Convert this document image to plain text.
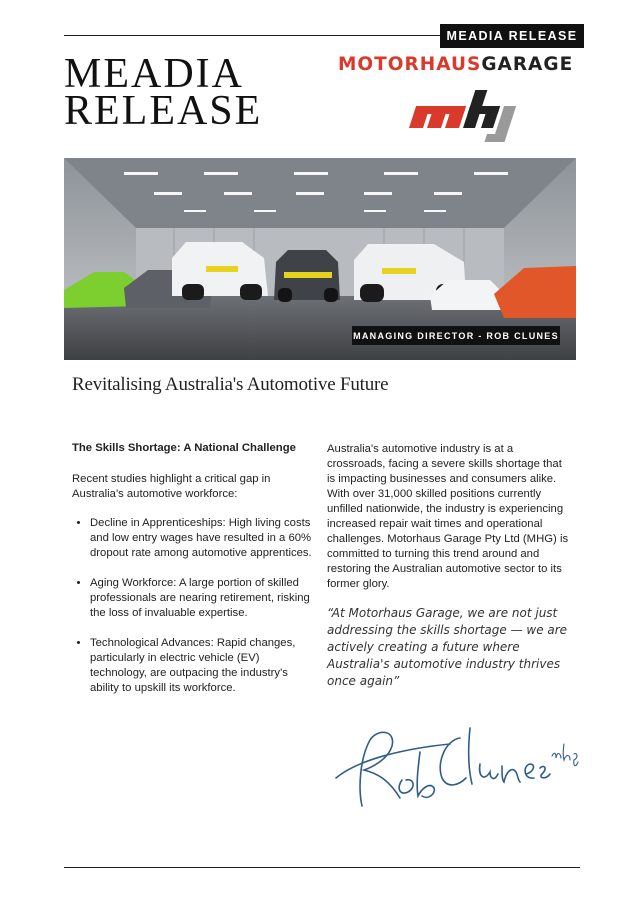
MEADIA RELEASE
MEADIA
RELEASE
MOTORHAUSGARAGE
MANAGING DIRECTOR - ROB CLUNES
Revitalising Australia's Automotive Future
The Skills Shortage: A National Challenge

Recent studies highlight a critical gap in Australia's automotive workforce:

• Decline in Apprenticeships: High living costs and low entry wages have resulted in a 60% dropout rate among automotive apprentices.
• Aging Workforce: A large portion of skilled professionals are nearing retirement, risking the loss of invaluable expertise.
• Technological Advances: Rapid changes, particularly in electric vehicle (EV) technology, are outpacing the industry's ability to upskill its workforce.

Australia's automotive industry is at a crossroads, facing a severe skills shortage that is impacting businesses and consumers alike. With over 31,000 skilled positions currently unfilled nationwide, the industry is experiencing increased repair wait times and operational challenges. Motorhaus Garage Pty Ltd (MHG) is committed to turning this trend around and restoring the Australian automotive sector to its former glory.

“At Motorhaus Garage, we are not just addressing the skills shortage — we are actively creating a future where Australia's automotive industry thrives once again”
